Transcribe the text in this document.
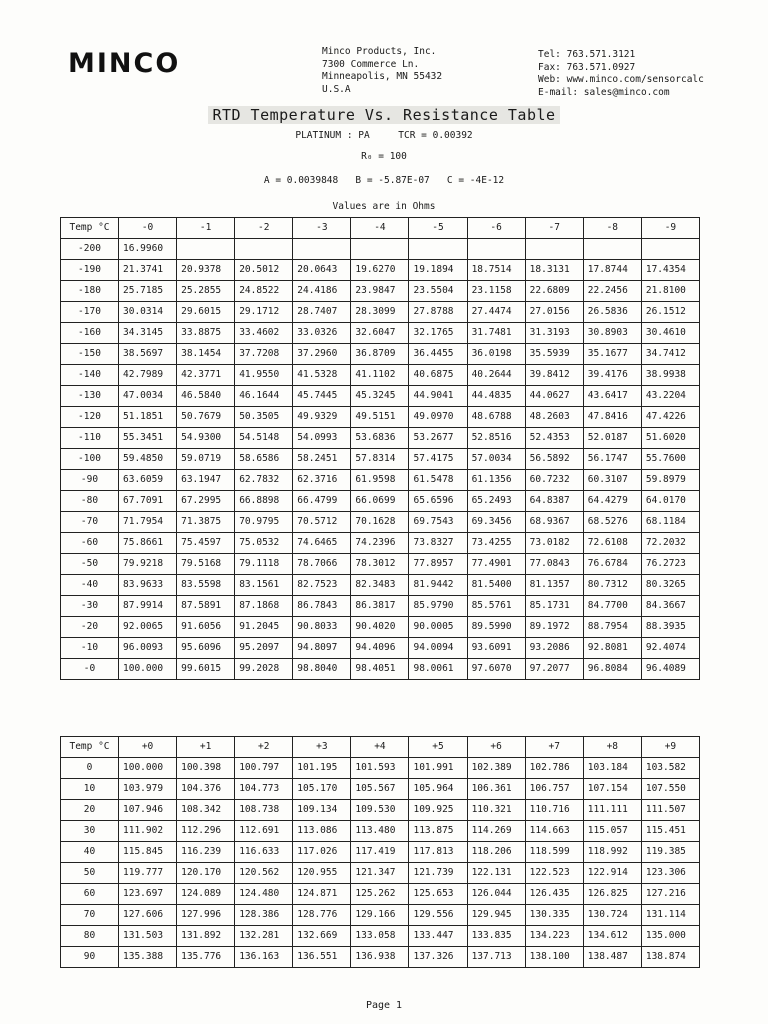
MINCO	Minco Products, Inc.
7300 Commerce Ln.
Minneapolis, MN 55432
U.S.A
Tel: 763.571.3121
Fax: 763.571.0927
Web: www.minco.com/sensorcalc
E-mail: sales@minco.com
RTD Temperature Vs. Resistance Table
PLATINUM : PA     TCR = 0.00392
R₀ = 100
A = 0.0039848   B = -5.87E-07   C = -4E-12
Values are in Ohms
Temp °C	-0	-1	-2	-3	-4	-5	-6	-7	-8	-9
-200	16.9960									
-190	21.3741	20.9378	20.5012	20.0643	19.6270	19.1894	18.7514	18.3131	17.8744	17.4354
-180	25.7185	25.2855	24.8522	24.4186	23.9847	23.5504	23.1158	22.6809	22.2456	21.8100
-170	30.0314	29.6015	29.1712	28.7407	28.3099	27.8788	27.4474	27.0156	26.5836	26.1512
-160	34.3145	33.8875	33.4602	33.0326	32.6047	32.1765	31.7481	31.3193	30.8903	30.4610
-150	38.5697	38.1454	37.7208	37.2960	36.8709	36.4455	36.0198	35.5939	35.1677	34.7412
-140	42.7989	42.3771	41.9550	41.5328	41.1102	40.6875	40.2644	39.8412	39.4176	38.9938
-130	47.0034	46.5840	46.1644	45.7445	45.3245	44.9041	44.4835	44.0627	43.6417	43.2204
-120	51.1851	50.7679	50.3505	49.9329	49.5151	49.0970	48.6788	48.2603	47.8416	47.4226
-110	55.3451	54.9300	54.5148	54.0993	53.6836	53.2677	52.8516	52.4353	52.0187	51.6020
-100	59.4850	59.0719	58.6586	58.2451	57.8314	57.4175	57.0034	56.5892	56.1747	55.7600
-90	63.6059	63.1947	62.7832	62.3716	61.9598	61.5478	61.1356	60.7232	60.3107	59.8979
-80	67.7091	67.2995	66.8898	66.4799	66.0699	65.6596	65.2493	64.8387	64.4279	64.0170
-70	71.7954	71.3875	70.9795	70.5712	70.1628	69.7543	69.3456	68.9367	68.5276	68.1184
-60	75.8661	75.4597	75.0532	74.6465	74.2396	73.8327	73.4255	73.0182	72.6108	72.2032
-50	79.9218	79.5168	79.1118	78.7066	78.3012	77.8957	77.4901	77.0843	76.6784	76.2723
-40	83.9633	83.5598	83.1561	82.7523	82.3483	81.9442	81.5400	81.1357	80.7312	80.3265
-30	87.9914	87.5891	87.1868	86.7843	86.3817	85.9790	85.5761	85.1731	84.7700	84.3667
-20	92.0065	91.6056	91.2045	90.8033	90.4020	90.0005	89.5990	89.1972	88.7954	88.3935
-10	96.0093	95.6096	95.2097	94.8097	94.4096	94.0094	93.6091	93.2086	92.8081	92.4074
-0	100.000	99.6015	99.2028	98.8040	98.4051	98.0061	97.6070	97.2077	96.8084	96.4089
Temp °C	+0	+1	+2	+3	+4	+5	+6	+7	+8	+9
0	100.000	100.398	100.797	101.195	101.593	101.991	102.389	102.786	103.184	103.582
10	103.979	104.376	104.773	105.170	105.567	105.964	106.361	106.757	107.154	107.550
20	107.946	108.342	108.738	109.134	109.530	109.925	110.321	110.716	111.111	111.507
30	111.902	112.296	112.691	113.086	113.480	113.875	114.269	114.663	115.057	115.451
40	115.845	116.239	116.633	117.026	117.419	117.813	118.206	118.599	118.992	119.385
50	119.777	120.170	120.562	120.955	121.347	121.739	122.131	122.523	122.914	123.306
60	123.697	124.089	124.480	124.871	125.262	125.653	126.044	126.435	126.825	127.216
70	127.606	127.996	128.386	128.776	129.166	129.556	129.945	130.335	130.724	131.114
80	131.503	131.892	132.281	132.669	133.058	133.447	133.835	134.223	134.612	135.000
90	135.388	135.776	136.163	136.551	136.938	137.326	137.713	138.100	138.487	138.874
Page 1
